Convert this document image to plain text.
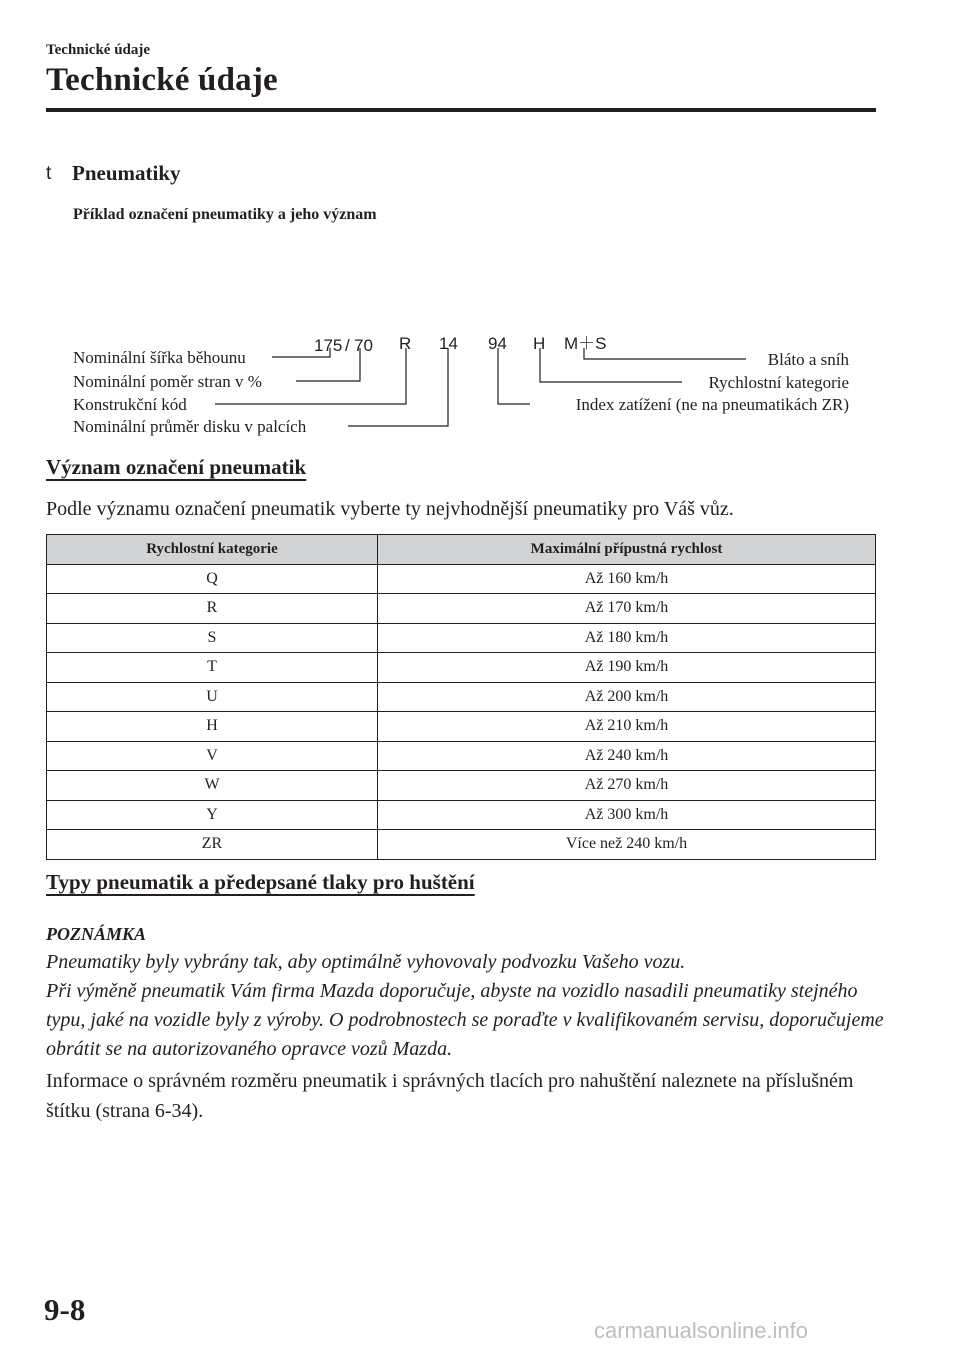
Technické údaje
Technické údaje
t Pneumatiky
Příklad označení pneumatiky a jeho význam
175 / 70 R 14 94 H M＋S
Nominální šířka běhounu
Nominální poměr stran v %
Konstrukční kód
Nominální průměr disku v palcích
Bláto a sníh
Rychlostní kategorie
Index zatížení (ne na pneumatikách ZR)
Význam označení pneumatik
Podle významu označení pneumatik vyberte ty nejvhodnější pneumatiky pro Váš vůz.
Rychlostní kategorie	Maximální přípustná rychlost
Q	Až 160 km/h
R	Až 170 km/h
S	Až 180 km/h
T	Až 190 km/h
U	Až 200 km/h
H	Až 210 km/h
V	Až 240 km/h
W	Až 270 km/h
Y	Až 300 km/h
ZR	Více než 240 km/h
Typy pneumatik a předepsané tlaky pro huštění
POZNÁMKA
Pneumatiky byly vybrány tak, aby optimálně vyhovovaly podvozku Vašeho vozu.
Při výměně pneumatik Vám firma Mazda doporučuje, abyste na vozidlo nasadili pneumatiky stejného typu, jaké na vozidle byly z výroby. O podrobnostech se poraďte v kvalifikovaném servisu, doporučujeme obrátit se na autorizovaného opravce vozů Mazda.
Informace o správném rozměru pneumatik i správných tlacích pro nahuštění naleznete na příslušném štítku (strana 6-34).
9-8
carmanualsonline.info
